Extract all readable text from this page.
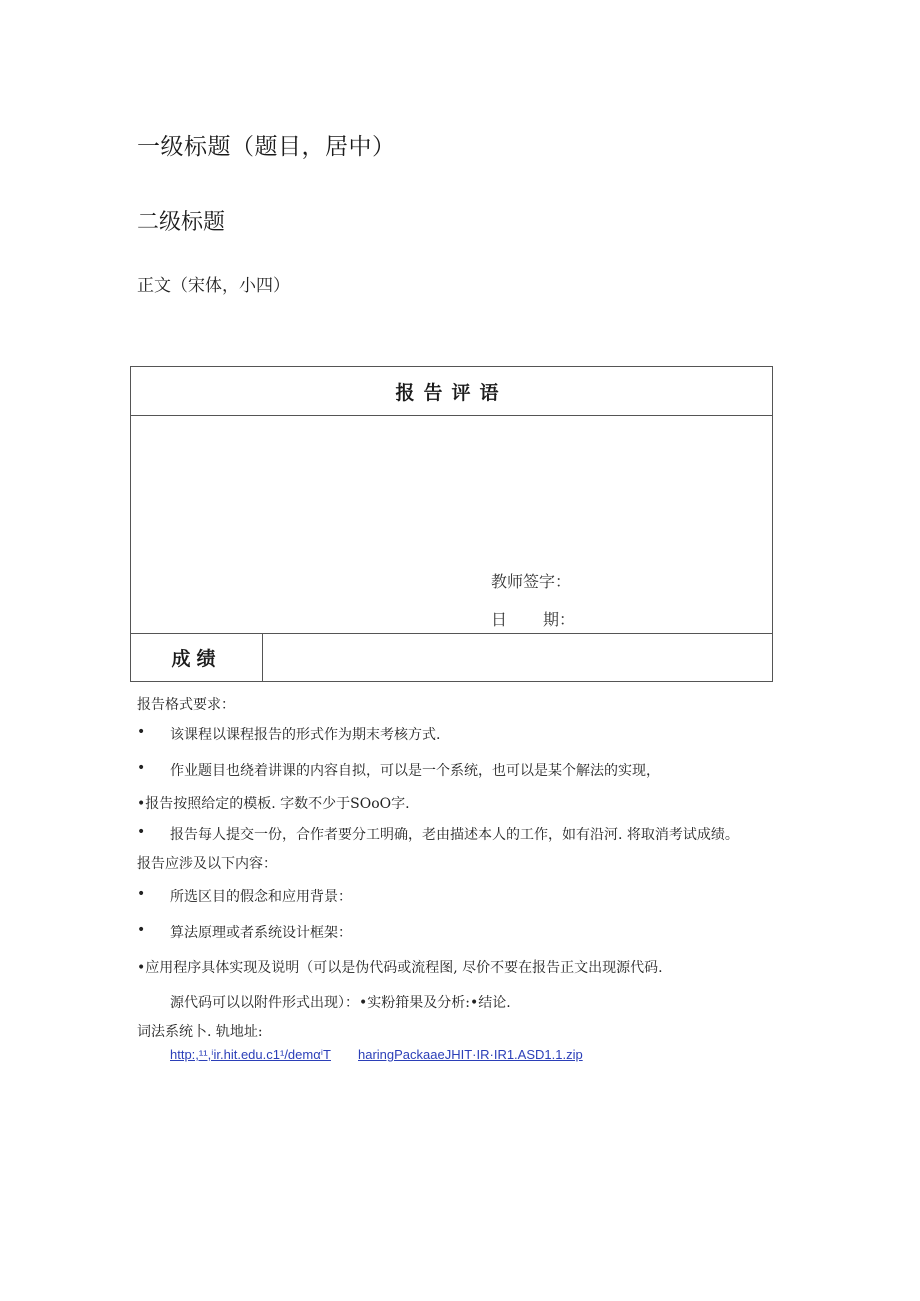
一级标题（题目，居中）
二级标题
正文（宋体，小四）
报告评语
教师签字：
日 期：
成绩
报告格式要求：
• 该课程以课程报告的形式作为期末考核方式.
• 作业题目也绕着讲课的内容自拟，可以是一个系统，也可以是某个解法的实现，
•报告按照给定的模板. 字数不少于SOoO字.
• 报告每人提交一份，合作者要分工明确，老由描述本人的工作，如有沿河. 将取消考试成绩。
报告应涉及以下内容：
• 所选区目的假念和应用背景：
• 算法原理或者系统设计框架：
•应用程序具体实现及说明（可以是伪代码或流程图, 尽价不要在报告正文出现源代码.
源代码可以以附件形式出现）：•实粉箝果及分析:•结论.
词法系统卜. 轨地址:
http:,¹¹,ⁱir.hit.edu.c1¹/demαⁱT haringPackaaeJHIT·IR·IR1.ASD1.1.zip
